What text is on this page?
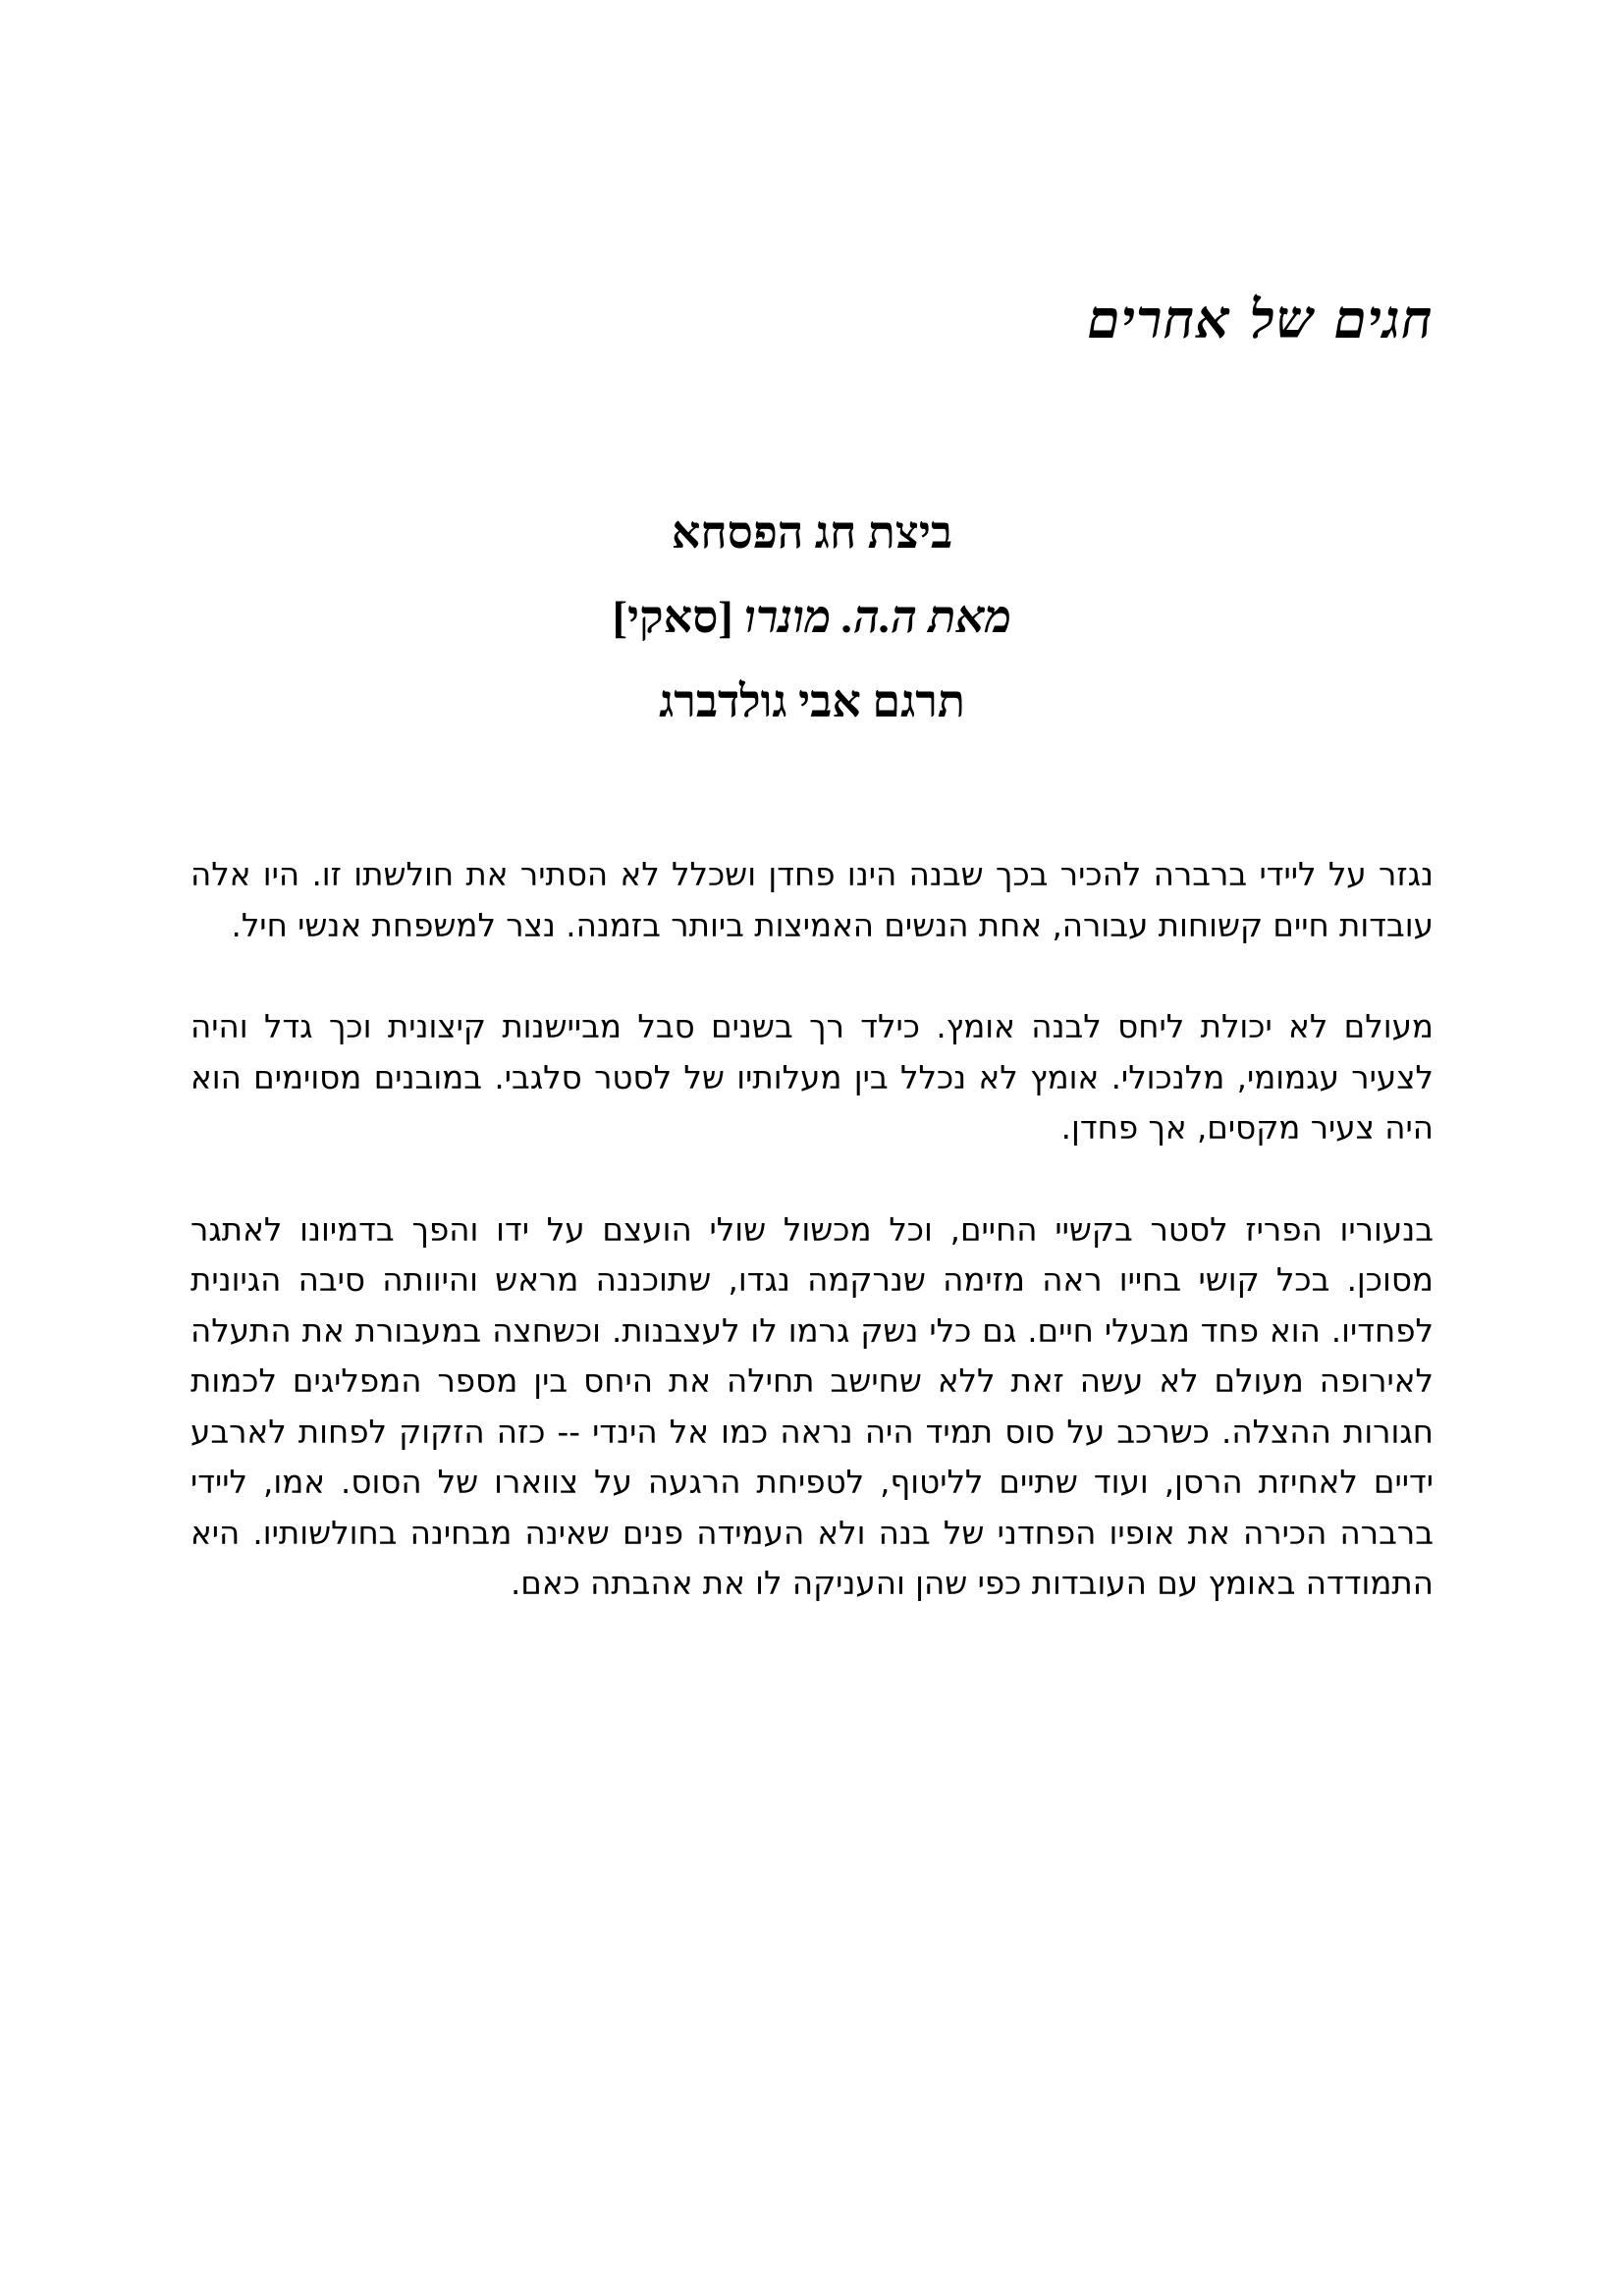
חגים של אחרים

ביצת חג הפסחא

מאת ה.ה. מונרו [סאקי]

תרגם אבי גולדברג

נגזר על ליידי ברברה להכיר בכך שבנה הינו פחדן ושכלל לא הסתיר את חולשתו זו. היו אלה עובדות חיים קשוחות עבורה, אחת הנשים האמיצות ביותר בזמנה. נצר למשפחת אנשי חיל.

מעולם לא יכולת ליחס לבנה אומץ. כילד רך בשנים סבל מביישנות קיצונית וכך גדל והיה לצעיר עגמומי, מלנכולי. אומץ לא נכלל בין מעלותיו של לסטר סלגבי. במובנים מסוימים הוא היה צעיר מקסים, אך פחדן.

בנעוריו הפריז לסטר בקשיי החיים, וכל מכשול שולי הועצם על ידו והפך בדמיונו לאתגר מסוכן. בכל קושי בחייו ראה מזימה שנרקמה נגדו, שתוכננה מראש והיוותה סיבה הגיונית לפחדיו. הוא פחד מבעלי חיים. גם כלי נשק גרמו לו לעצבנות. וכשחצה במעבורת את התעלה לאירופה מעולם לא עשה זאת ללא שחישב תחילה את היחס בין מספר המפליגים לכמות חגורות ההצלה. כשרכב על סוס תמיד היה נראה כמו אל הינדי -- כזה הזקוק לפחות לארבע ידיים לאחיזת הרסן, ועוד שתיים לליטוף, לטפיחת הרגעה על צווארו של הסוס. אמו, ליידי ברברה הכירה את אופיו הפחדני של בנה ולא העמידה פנים שאינה מבחינה בחולשותיו. היא התמודדה באומץ עם העובדות כפי שהן והעניקה לו את אהבתה כאם.
